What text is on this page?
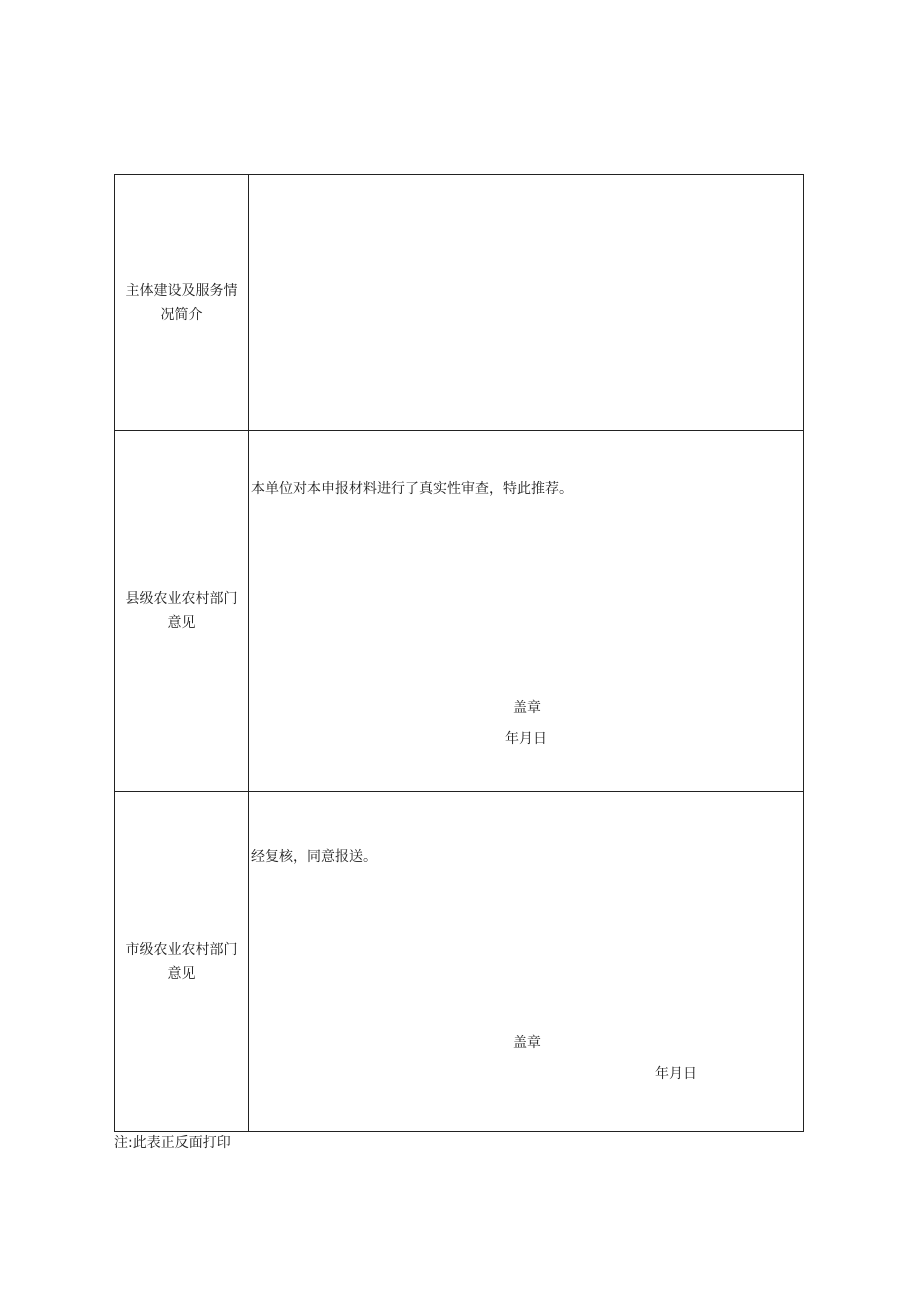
主体建设及服务情
况简介
县级农业农村部门
意见
本单位对本申报材料进行了真实性审查，特此推荐。
盖章
年月日
市级农业农村部门
意见
经复核，同意报送。
盖章
年月日
注:此表正反面打印
